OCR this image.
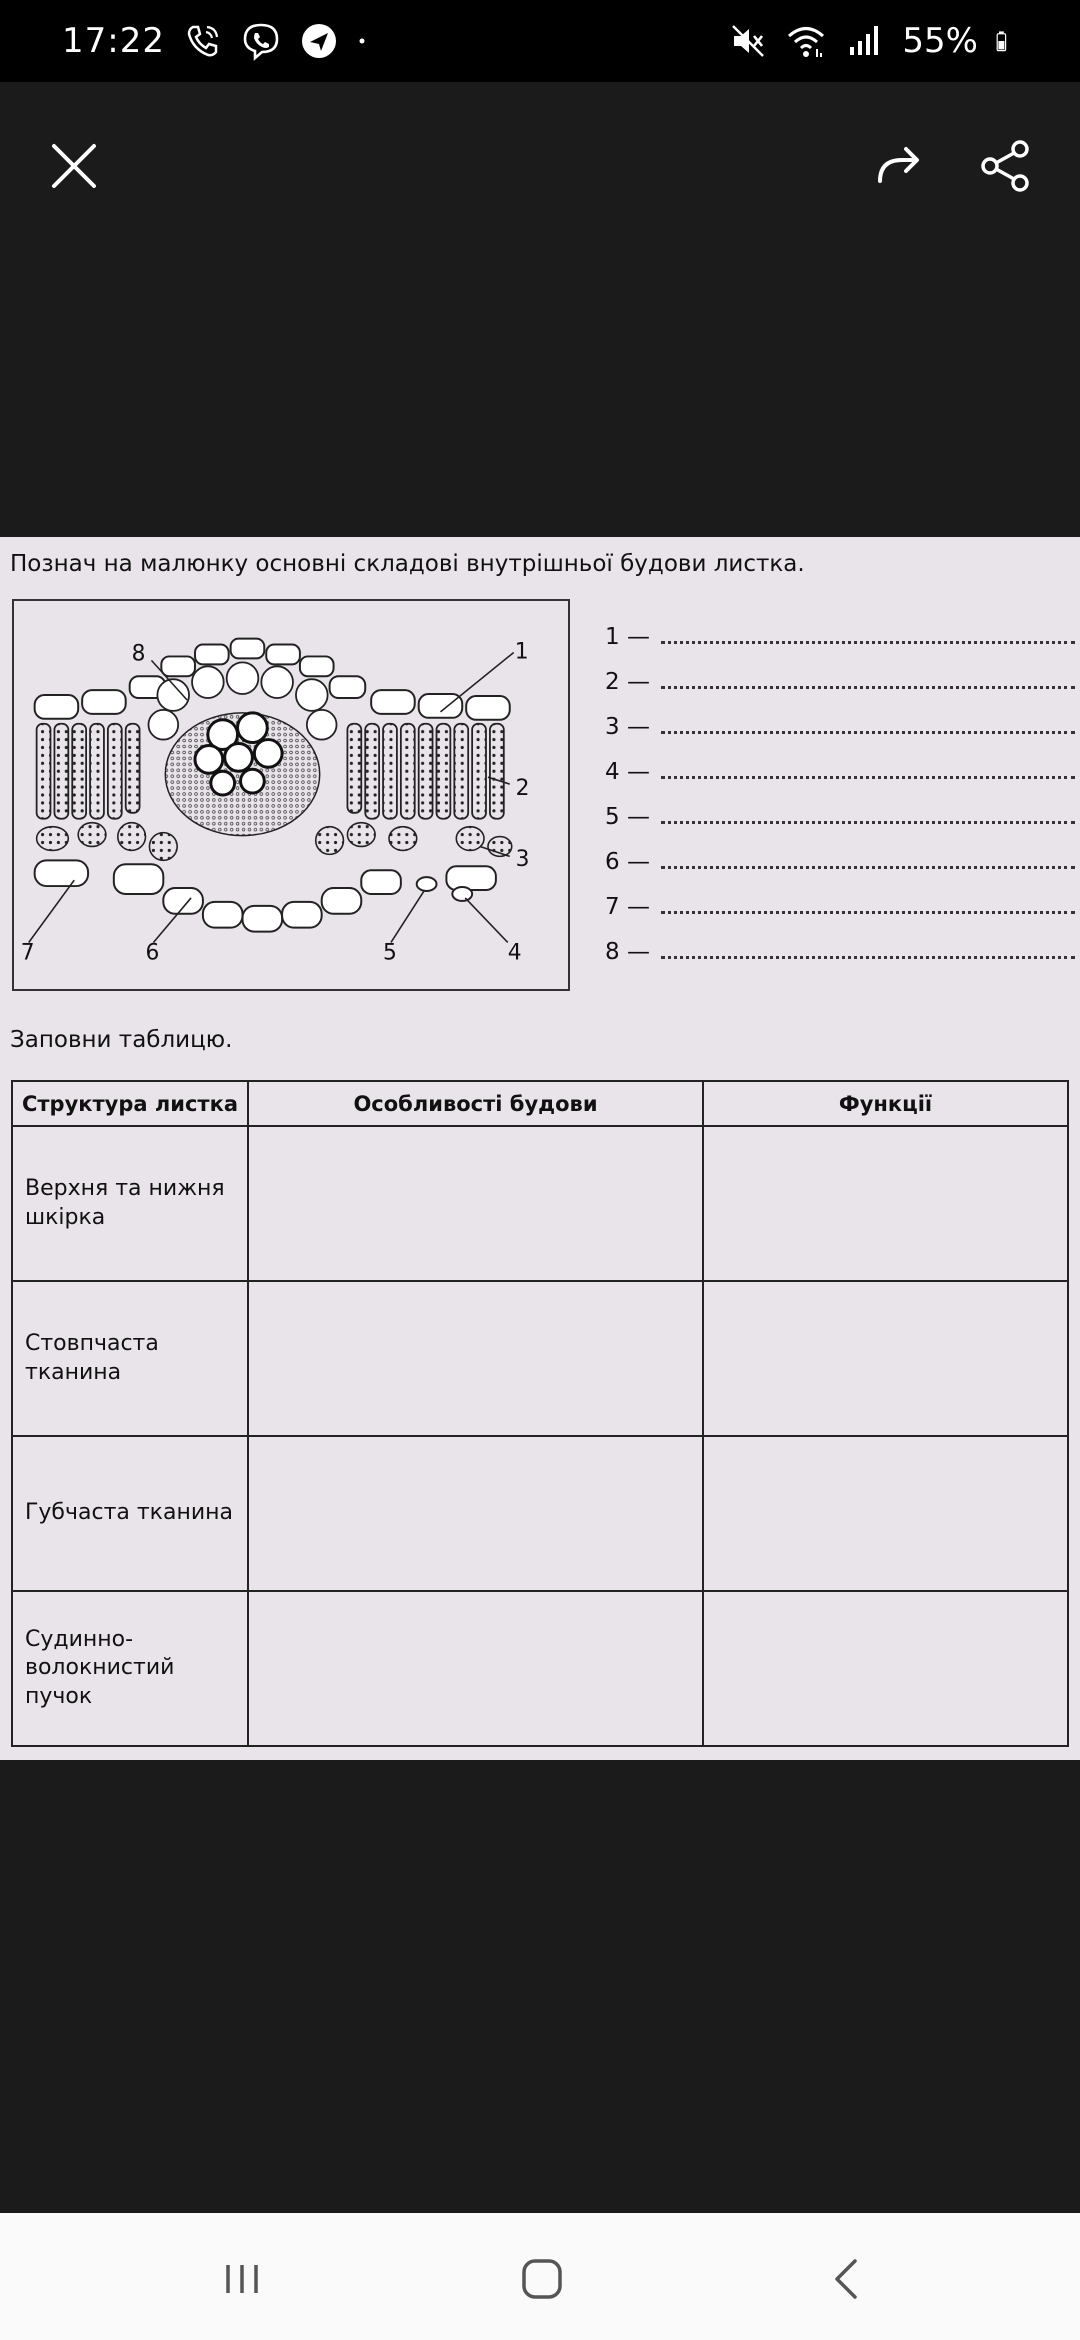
17:22	55%
Познач на малюнку основні складові внутрішньої будови листка.
1
2
3
4
5
6
7
8
1 —
2 —
3 —
4 —
5 —
6 —
7 —
8 —
Заповни таблицю.
Структура листка	Особливості будови	Функції
Верхня та нижня шкірка		
Стовпчаста тканина		
Губчаста тканина		
Судинно-волокнистий пучок		
